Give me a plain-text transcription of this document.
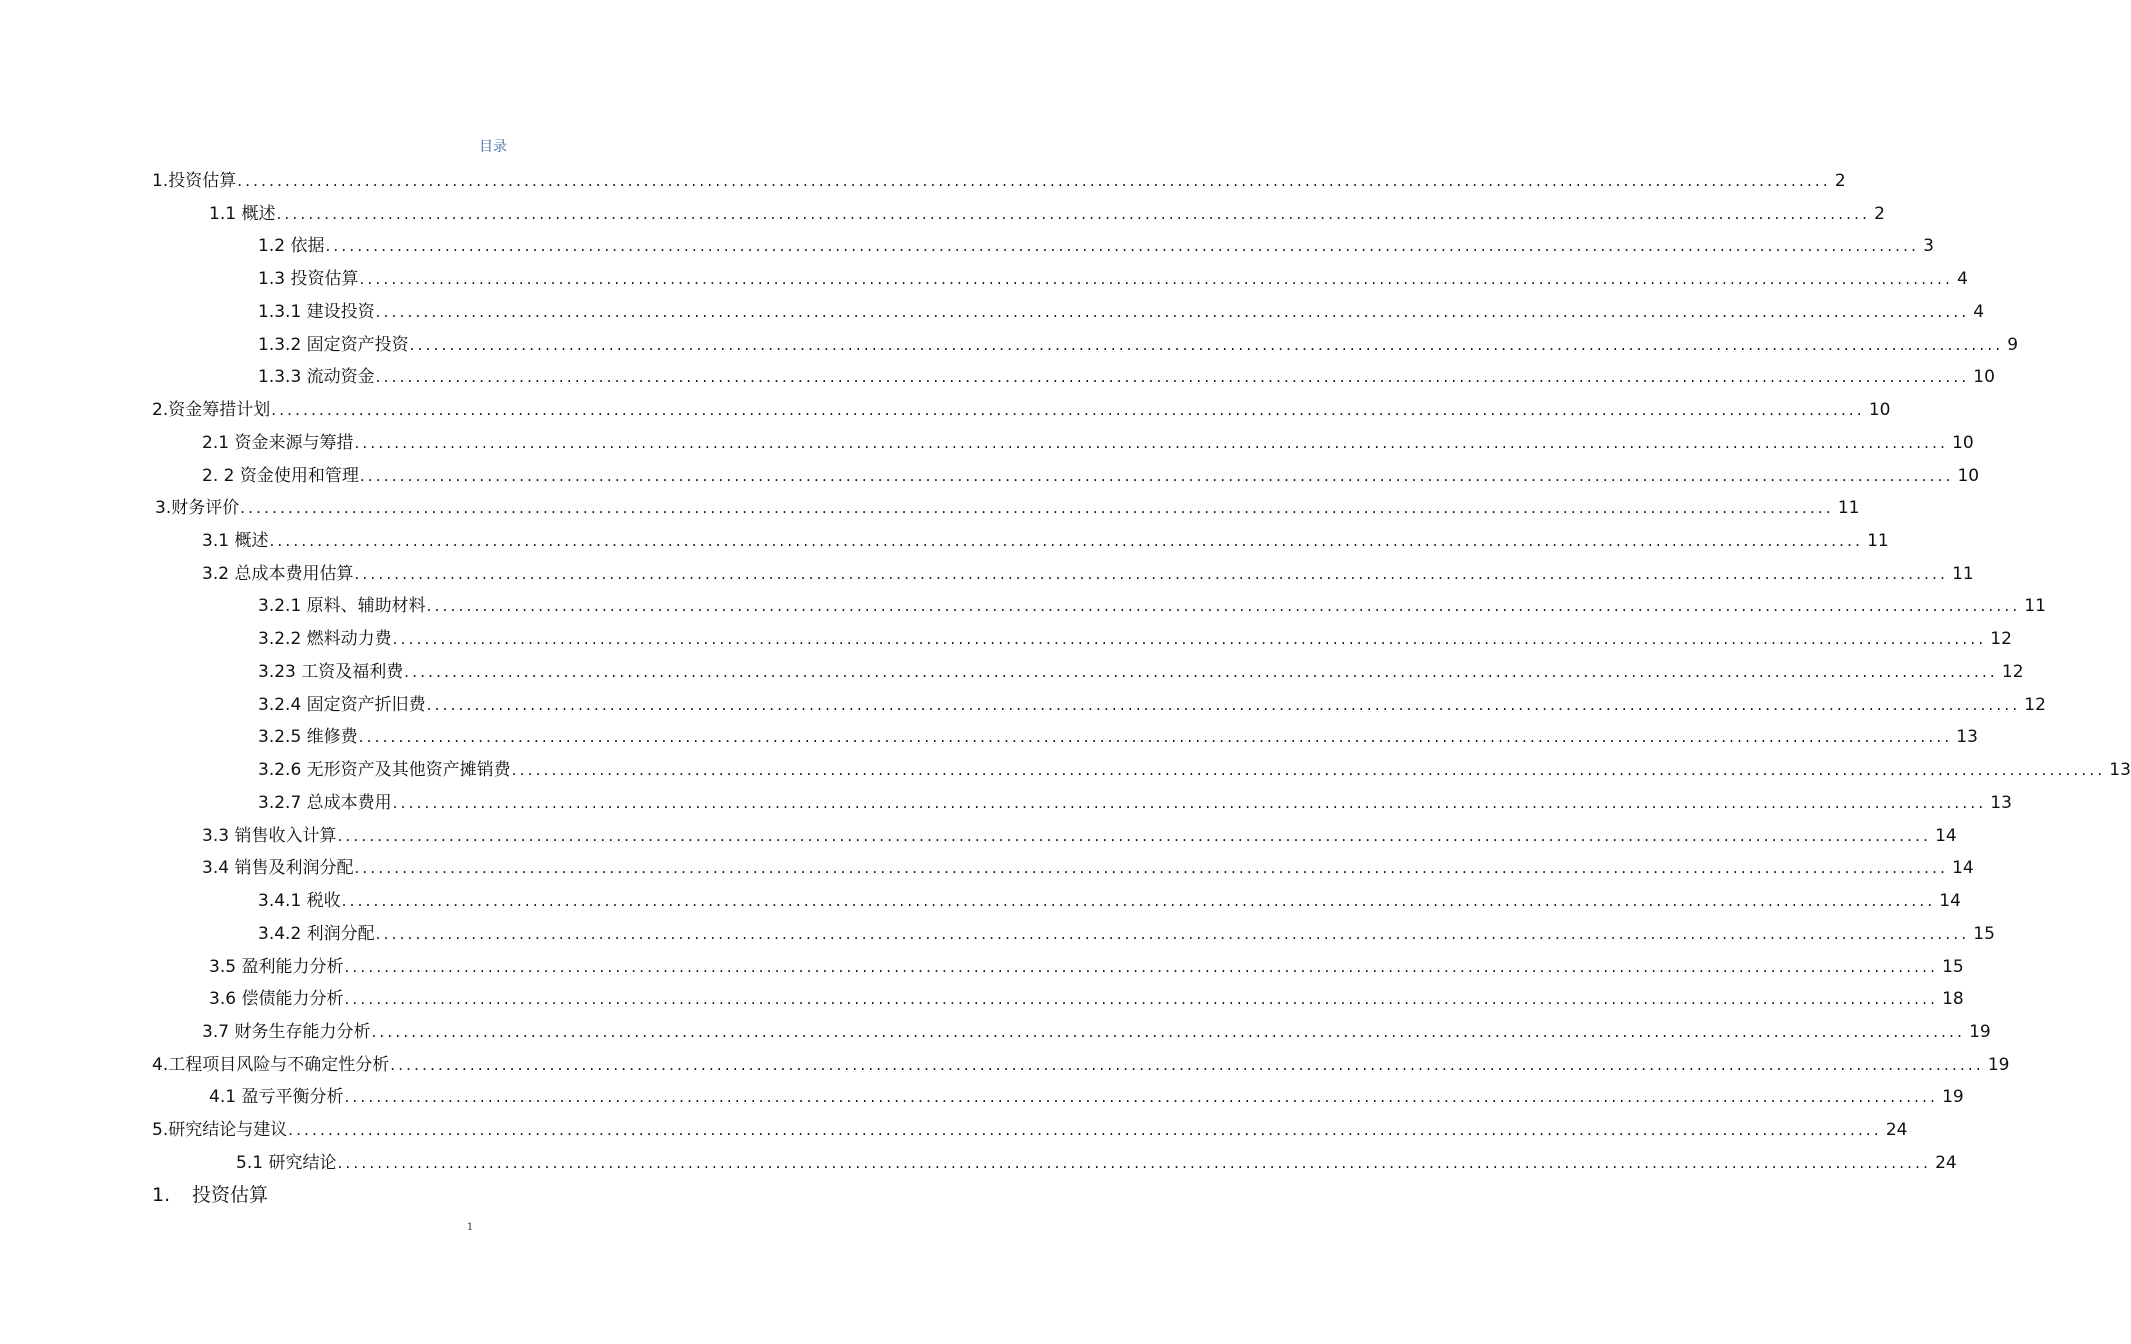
目录
1. 投资估算 ........................................................................................................................................................................................................ 2
1.1 概述 ........................................................................................................................................................................................................ 2
1.2 依据 ........................................................................................................................................................................................................ 3
1.3 投资估算 ........................................................................................................................................................................................................ 4
1.3.1 建设投资 ........................................................................................................................................................................................................ 4
1.3.2 固定资产投资 ........................................................................................................................................................................................................ 9
1.3.3 流动资金 ........................................................................................................................................................................................................ 10
2. 资金筹措计划 ........................................................................................................................................................................................................ 10
2.1 资金来源与筹措 ........................................................................................................................................................................................................ 10
2. 2 资金使用和管理 ........................................................................................................................................................................................................ 10
3. 财务评价 ........................................................................................................................................................................................................ 11
3.1 概述 ........................................................................................................................................................................................................ 11
3.2 总成本费用估算 ........................................................................................................................................................................................................ 11
3.2.1 原料、辅助材料 ........................................................................................................................................................................................................ 11
3.2.2 燃料动力费 ........................................................................................................................................................................................................ 12
3.23 工资及福利费 ........................................................................................................................................................................................................ 12
3.2.4 固定资产折旧费 ........................................................................................................................................................................................................ 12
3.2.5 维修费 ........................................................................................................................................................................................................ 13
3.2.6 无形资产及其他资产摊销费 ........................................................................................................................................................................................................ 13
3.2.7 总成本费用 ........................................................................................................................................................................................................ 13
3.3 销售收入计算 ........................................................................................................................................................................................................ 14
3.4 销售及利润分配 ........................................................................................................................................................................................................ 14
3.4.1 税收 ........................................................................................................................................................................................................ 14
3.4.2 利润分配 ........................................................................................................................................................................................................ 15
3.5 盈利能力分析 ........................................................................................................................................................................................................ 15
3.6 偿债能力分析 ........................................................................................................................................................................................................ 18
3.7 财务生存能力分析 ........................................................................................................................................................................................................ 19
4. 工程项目风险与不确定性分析 ........................................................................................................................................................................................................ 19
4.1 盈亏平衡分析 ........................................................................................................................................................................................................ 19
5. 研究结论与建议 ........................................................................................................................................................................................................ 24
5.1 研究结论 ........................................................................................................................................................................................................ 24
1. 投资估算
1
